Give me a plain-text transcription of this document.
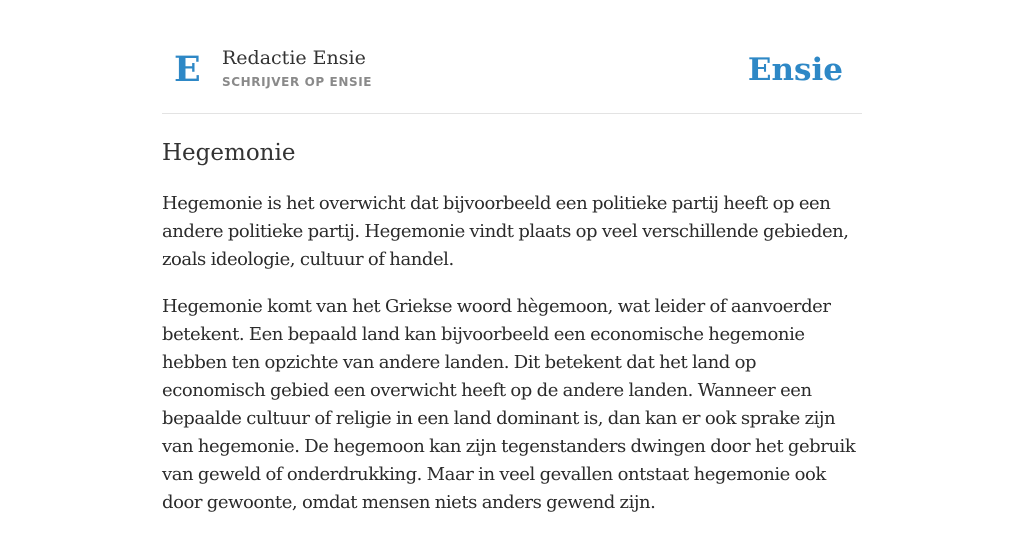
E Redactie Ensie
SCHRIJVER OP ENSIE	Ensie
Hegemonie

Hegemonie is het overwicht dat bijvoorbeeld een politieke partij heeft op een andere politieke partij. Hegemonie vindt plaats op veel verschillende gebieden, zoals ideologie, cultuur of handel.

Hegemonie komt van het Griekse woord hègemoon, wat leider of aanvoerder betekent. Een bepaald land kan bijvoorbeeld een economische hegemonie hebben ten opzichte van andere landen. Dit betekent dat het land op economisch gebied een overwicht heeft op de andere landen. Wanneer een bepaalde cultuur of religie in een land dominant is, dan kan er ook sprake zijn van hegemonie. De hegemoon kan zijn tegenstanders dwingen door het gebruik van geweld of onderdrukking. Maar in veel gevallen ontstaat hegemonie ook door gewoonte, omdat mensen niets anders gewend zijn.
